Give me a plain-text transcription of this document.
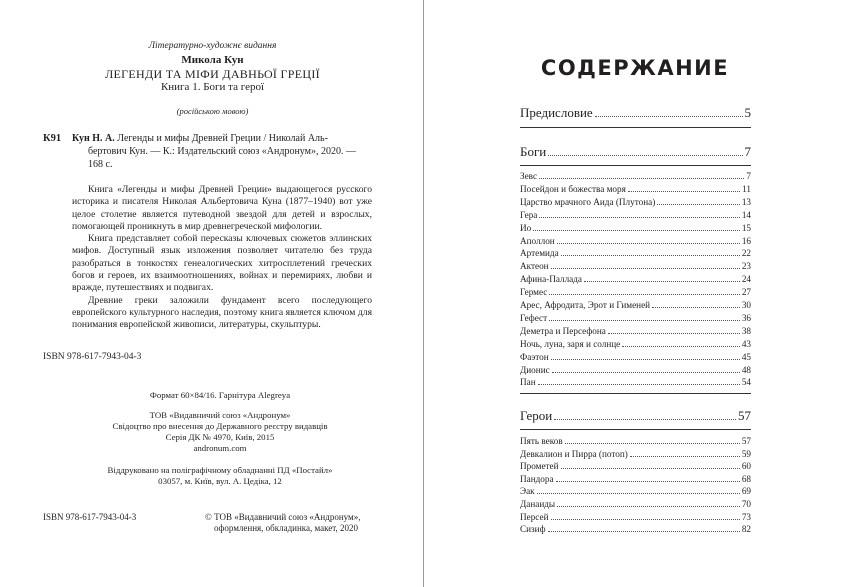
Літературно-художнє видання
Микола Кун
ЛЕГЕНДИ ТА МІФИ ДАВНЬОЇ ГРЕЦІЇ
Книга 1. Боги та герої
(російською мовою)
К91 Кун Н. А. Легенды и мифы Древней Греции / Николай Аль-
бертович Кун. — К.: Издательский союз «Андронум», 2020. —
168 с.

Книга «Легенды и мифы Древней Греции» выдающегося русского историка и писателя Николая Альбертовича Куна (1877–1940) вот уже целое столетие является путеводной звездой для детей и взрослых, помогающей проникнуть в мир древнегреческой мифологии.

Книга представляет собой пересказы ключевых сюжетов эллинских мифов. Доступный язык изложения позволяет читателю без труда разобраться в тонкостях генеалогических хитросплетений греческих богов и героев, их взаимоотношениях, войнах и перемириях, любви и вражде, путешествиях и подвигах.

Древние греки заложили фундамент всего последующего европейского культурного наследия, поэтому книга является ключом для понимания европейской живописи, литературы, скульптуры.

ISBN 978-617-7943-04-3
Формат 60×84/16. Гарнітура Alegreya
ТОВ «Видавничий союз «Андронум»
Свідоцтво про внесення до Державного реєстру видавців
Серія ДК № 4970, Київ, 2015
andronum.com
Віддруковано на поліграфічному обладнанні ПД «Постайл»
03057, м. Київ, вул. А. Цедіка, 12
ISBN 978-617-7943-04-3	© ТОВ «Видавничий союз «Андронум»,
оформлення, обкладинка, макет, 2020
СОДЕРЖАНИЕ
Предисловие	5
Боги	7
Зевс	7
Посейдон и божества моря	11
Царство мрачного Аида (Плутона)	13
Гера	14
Ио	15
Аполлон	16
Артемида	22
Актеон	23
Афина-Паллада	24
Гермес	27
Арес, Афродита, Эрот и Гименей	30
Гефест	36
Деметра и Персефона	38
Ночь, луна, заря и солнце	43
Фаэтон	45
Дионис	48
Пан	54
Герои	57
Пять веков	57
Девкалион и Пирра (потоп)	59
Прометей	60
Пандора	68
Эак	69
Данаиды	70
Персей	73
Сизиф	82
